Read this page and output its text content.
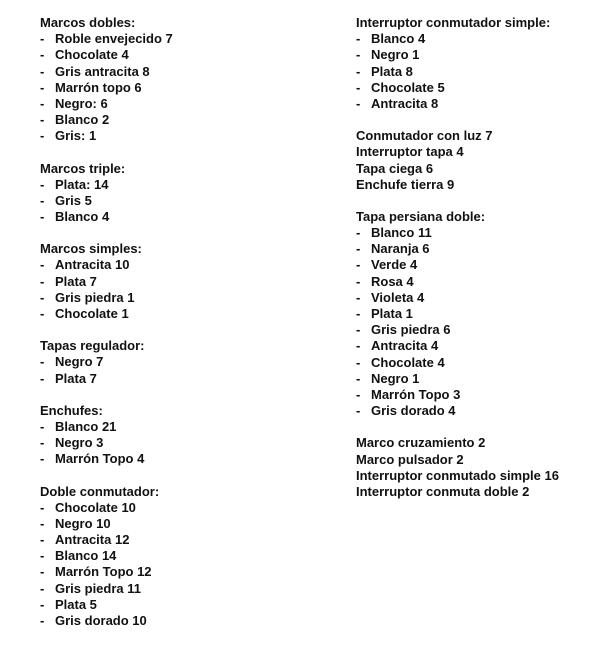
Marcos dobles:
- Roble envejecido 7
- Chocolate 4
- Gris antracita 8
- Marrón topo 6
- Negro: 6
- Blanco 2
- Gris: 1
Marcos triple:
- Plata: 14
- Gris 5
- Blanco 4
Marcos simples:
- Antracita 10
- Plata 7
- Gris piedra 1
- Chocolate 1
Tapas regulador:
- Negro 7
- Plata 7
Enchufes:
- Blanco 21
- Negro 3
- Marrón Topo 4
Doble conmutador:
- Chocolate 10
- Negro 10
- Antracita 12
- Blanco 14
- Marrón Topo 12
- Gris piedra 11
- Plata 5
- Gris dorado 10
Interruptor conmutador simple:
- Blanco 4
- Negro 1
- Plata 8
- Chocolate 5
- Antracita 8
Conmutador con luz 7
Interruptor tapa 4
Tapa ciega 6
Enchufe tierra 9
Tapa persiana doble:
- Blanco 11
- Naranja 6
- Verde 4
- Rosa 4
- Violeta 4
- Plata 1
- Gris piedra 6
- Antracita 4
- Chocolate 4
- Negro 1
- Marrón Topo 3
- Gris dorado 4
Marco cruzamiento 2
Marco pulsador 2
Interruptor conmutado simple 16
Interruptor conmuta doble 2
